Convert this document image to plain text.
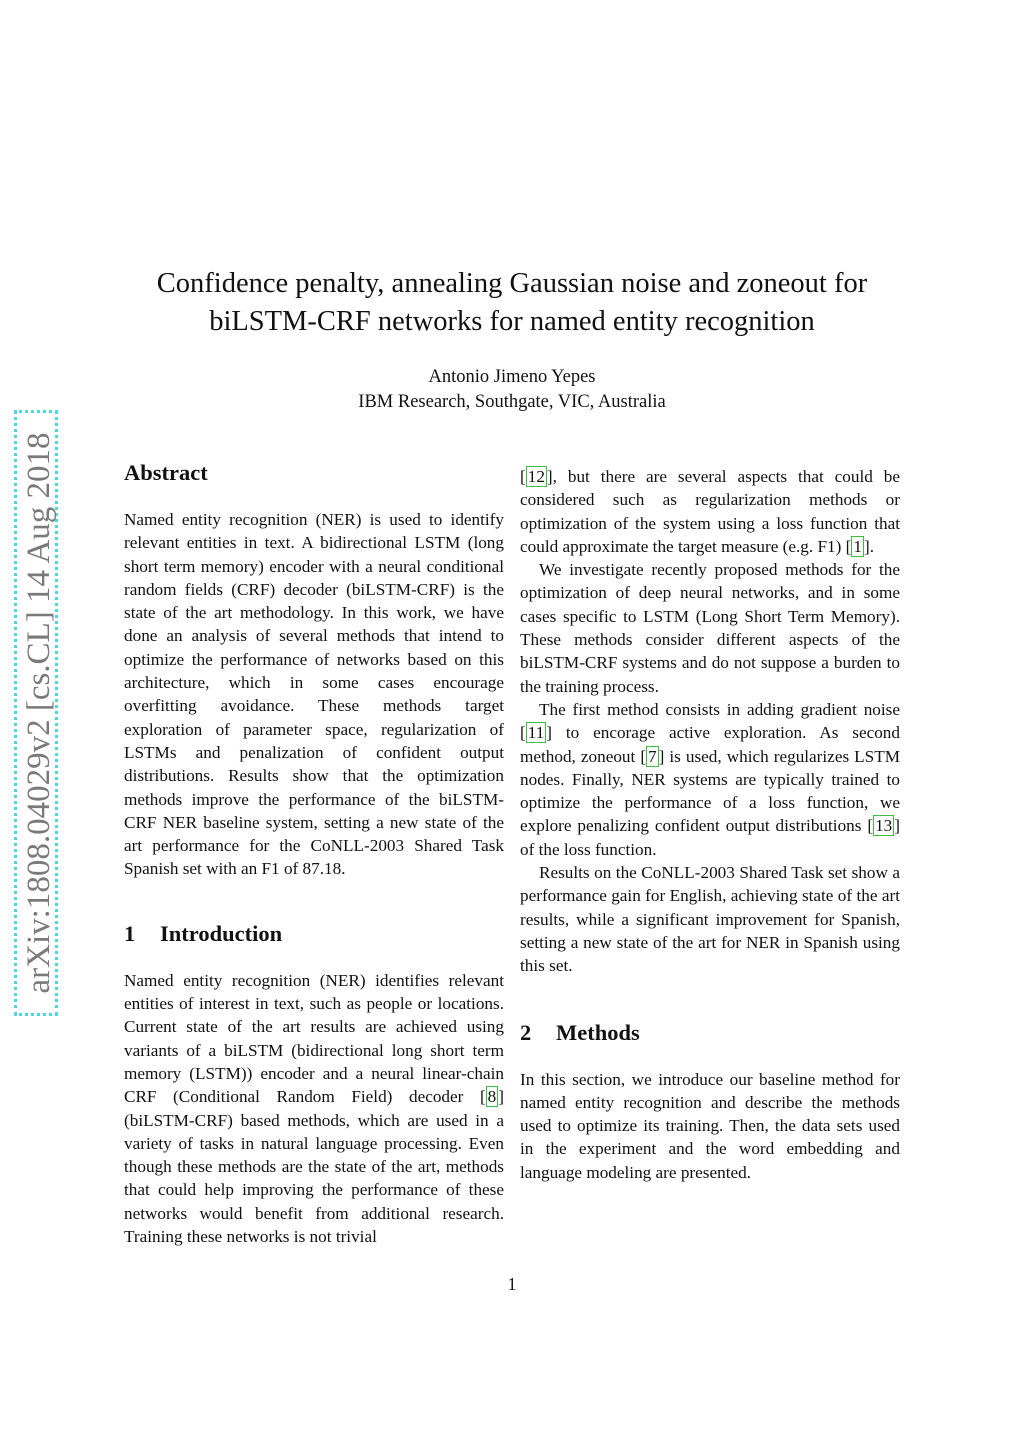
arXiv:1808.04029v2 [cs.CL] 14 Aug 2018
Confidence penalty, annealing Gaussian noise and zoneout for
biLSTM-CRF networks for named entity recognition
Antonio Jimeno Yepes
IBM Research, Southgate, VIC, Australia
Abstract

Named entity recognition (NER) is used to identify relevant entities in text. A bidirectional LSTM (long short term memory) encoder with a neural conditional random fields (CRF) decoder (biLSTM-CRF) is the state of the art methodology. In this work, we have done an analysis of several methods that intend to optimize the performance of networks based on this architecture, which in some cases encourage overfitting avoidance. These methods target exploration of parameter space, regularization of LSTMs and penalization of confident output distributions. Results show that the optimization methods improve the performance of the biLSTM-CRF NER baseline system, setting a new state of the art performance for the CoNLL-2003 Shared Task Spanish set with an F1 of 87.18.

1 Introduction

Named entity recognition (NER) identifies relevant entities of interest in text, such as people or locations. Current state of the art results are achieved using variants of a biLSTM (bidirectional long short term memory (LSTM)) encoder and a neural linear-chain CRF (Conditional Random Field) decoder [ 8 ] (biLSTM-CRF) based methods, which are used in a variety of tasks in natural language processing. Even though these methods are the state of the art, methods that could help improving the performance of these networks would benefit from additional research. Training these networks is not trivial

[ 12 ], but there are several aspects that could be considered such as regularization methods or optimization of the system using a loss function that could approximate the target measure (e.g. F1) [ 1 ].

We investigate recently proposed methods for the optimization of deep neural networks, and in some cases specific to LSTM (Long Short Term Memory). These methods consider different aspects of the biLSTM-CRF systems and do not suppose a burden to the training process.

The first method consists in adding gradient noise [ 11 ] to encorage active exploration. As second method, zoneout [ 7 ] is used, which regularizes LSTM nodes. Finally, NER systems are typically trained to optimize the performance of a loss function, we explore penalizing confident output distributions [ 13 ] of the loss function.

Results on the CoNLL-2003 Shared Task set show a performance gain for English, achieving state of the art results, while a significant improvement for Spanish, setting a new state of the art for NER in Spanish using this set.

2 Methods

In this section, we introduce our baseline method for named entity recognition and describe the methods used to optimize its training. Then, the data sets used in the experiment and the word embedding and language modeling are presented.

1
